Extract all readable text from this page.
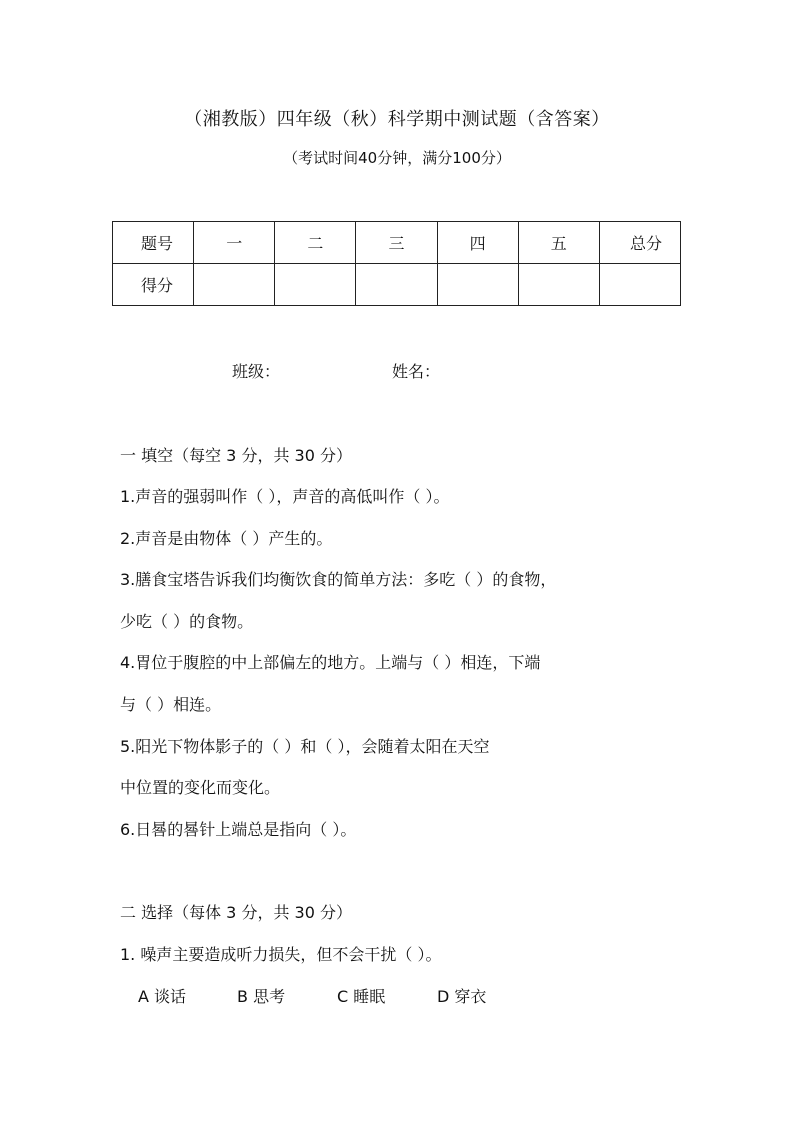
（湘教版）四年级（秋）科学期中测试题（含答案）
（考试时间40分钟，满分100分）
题号	一	二	三	四	五	总分
得分						
班级：	姓名：
一 填空（每空 3 分，共 30 分）
1.声音的强弱叫作（ ），声音的高低叫作（ ）。
2.声音是由物体（ ）产生的。
3.膳食宝塔告诉我们均衡饮食的简单方法：多吃（ ）的食物，
少吃（ ）的食物。
4.胃位于腹腔的中上部偏左的地方。上端与（ ）相连，下端
与（ ）相连。
5.阳光下物体影子的（ ）和（ ），会随着太阳在天空
中位置的变化而变化。
6.日晷的晷针上端总是指向（ ）。
二 选择（每体 3 分，共 30 分）
1. 噪声主要造成听力损失，但不会干扰（ ）。
A 谈话	B 思考	C 睡眠	D 穿衣
